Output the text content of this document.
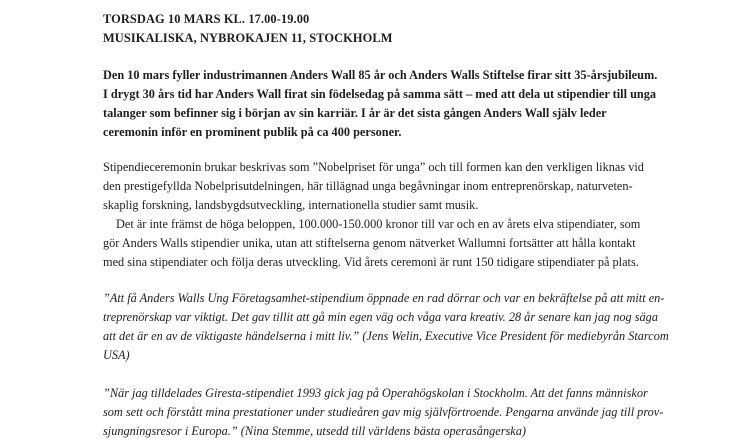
TORSDAG 10 MARS KL. 17.00-19.00
MUSIKALISKA, NYBROKAJEN 11, STOCKHOLM
Den 10 mars fyller industrimannen Anders Wall 85 år och Anders Walls Stiftelse firar sitt 35-årsjubileum.
I drygt 30 års tid har Anders Wall firat sin födelsedag på samma sätt – med att dela ut stipendier till unga
talanger som befinner sig i början av sin karriär. I år är det sista gången Anders Wall själv leder
ceremonin inför en prominent publik på ca 400 personer.
Stipendieceremonin brukar beskrivas som ”Nobelpriset för unga” och till formen kan den verkligen liknas vid
den prestigefyllda Nobelprisutdelningen, här tillägnad unga begåvningar inom entreprenörskap, naturveten-
skaplig forskning, landsbygdsutveckling, internationella studier samt musik.
Det är inte främst de höga beloppen, 100.000-150.000 kronor till var och en av årets elva stipendiater, som
gör Anders Walls stipendier unika, utan att stiftelserna genom nätverket Wallumni fortsätter att hålla kontakt
med sina stipendiater och följa deras utveckling. Vid årets ceremoni är runt 150 tidigare stipendiater på plats.
”Att få Anders Walls Ung Företagsamhet-stipendium öppnade en rad dörrar och var en bekräftelse på att mitt en-
treprenörskap var viktigt. Det gav tillit att gå min egen väg och våga vara kreativ. 28 år senare kan jag nog säga
att det är en av de viktigaste händelserna i mitt liv.” (Jens Welin, Executive Vice President för mediebyrån Starcom
USA)
”När jag tilldelades Giresta-stipendiet 1993 gick jag på Operahögskolan i Stockholm. Att det fanns människor
som sett och förstått mina prestationer under studieåren gav mig självförtroende. Pengarna använde jag till prov-
sjungningsresor i Europa.” (Nina Stemme, utsedd till världens bästa operasångerska)
